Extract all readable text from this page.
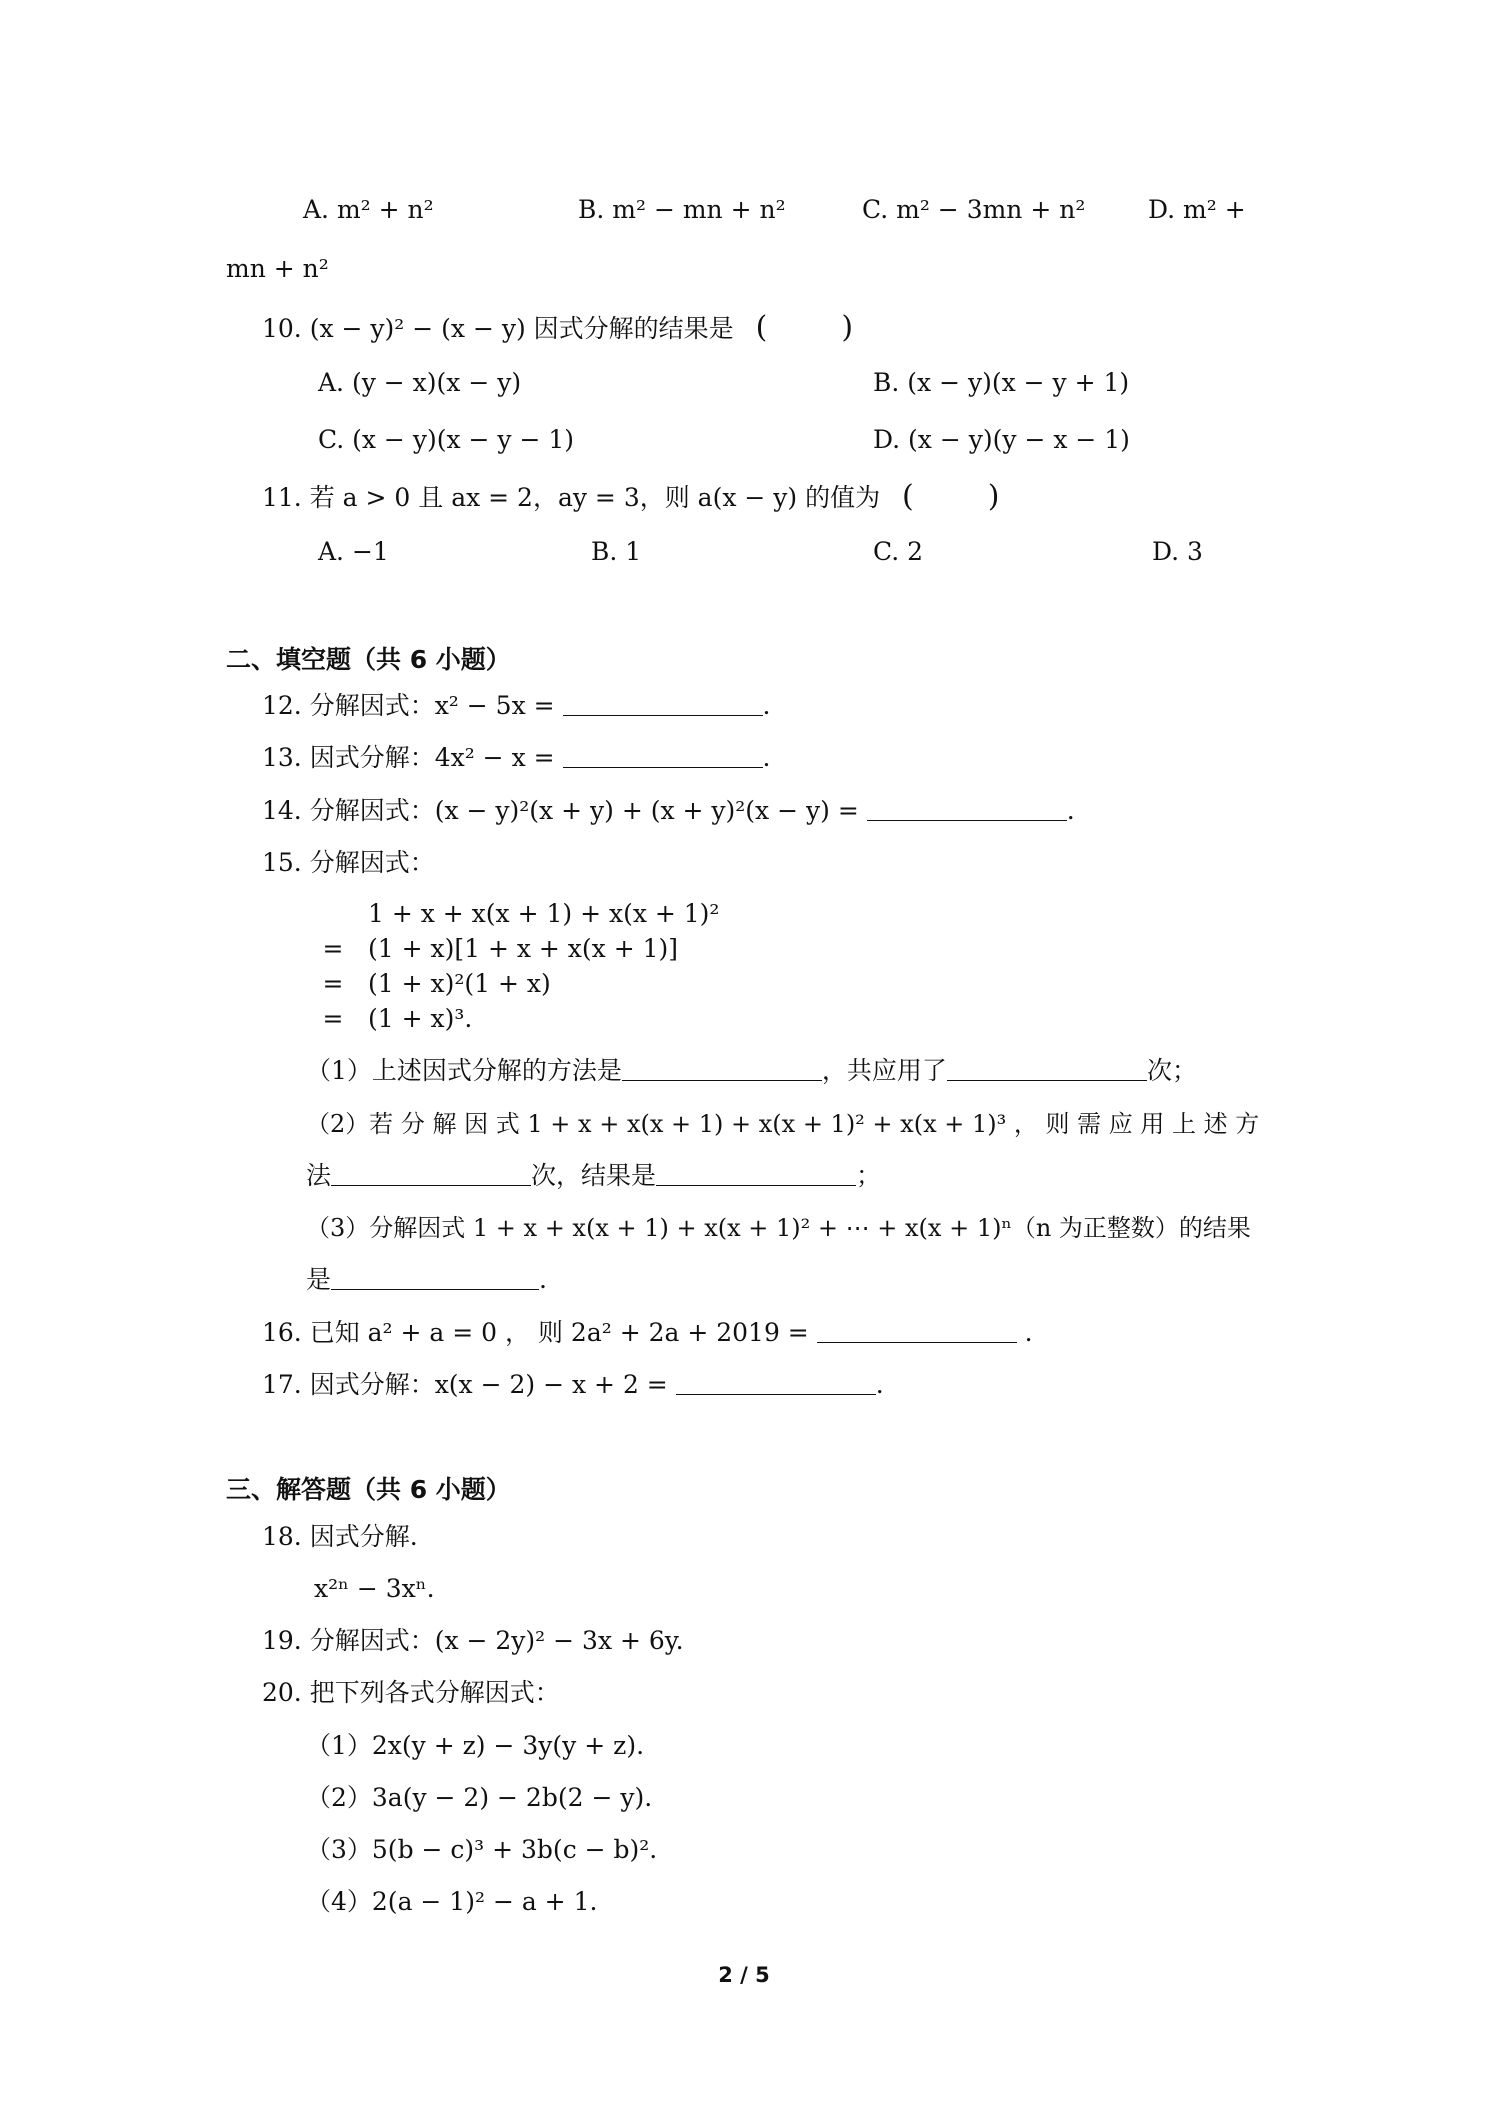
A. m² + n²	B. m² − mn + n²	C. m² − 3mn + n²	D. m² +
mn + n²
10. (x − y)² − (x − y) 因式分解的结果是 ( )
A. (y − x)(x − y)	B. (x − y)(x − y + 1)
C. (x − y)(x − y − 1)	D. (x − y)(y − x − 1)
11. 若 a > 0 且 ax = 2，ay = 3，则 a(x − y) 的值为 ( )
A. −1	B. 1	C. 2	D. 3
二、填空题（共 6 小题）
12. 分解因式：x² − 5x =	.
13. 因式分解：4x² − x =	.
14. 分解因式：(x − y)²(x + y) + (x + y)²(x − y) =	.
15. 分解因式：
1 + x + x(x + 1) + x(x + 1)²
= (1 + x)[1 + x + x(x + 1)]
= (1 + x)²(1 + x)
= (1 + x)³.
（1）上述因式分解的方法是	，共应用了	次；
（2）若 分 解 因 式 1 + x + x(x + 1) + x(x + 1)² + x(x + 1)³ ， 则 需 应 用 上 述 方
法	次，结果是	；
（3）分解因式 1 + x + x(x + 1) + x(x + 1)² + ⋯ + x(x + 1)ⁿ（n 为正整数）的结果
是	.
16. 已知 a² + a = 0 ， 则 2a² + 2a + 2019 =	.
17. 因式分解：x(x − 2) − x + 2 =	.
三、解答题（共 6 小题）
18. 因式分解.
x²ⁿ − 3xⁿ.
19. 分解因式：(x − 2y)² − 3x + 6y.
20. 把下列各式分解因式：
（1）2x(y + z) − 3y(y + z).
（2）3a(y − 2) − 2b(2 − y).
（3）5(b − c)³ + 3b(c − b)².
（4）2(a − 1)² − a + 1.
2 / 5
